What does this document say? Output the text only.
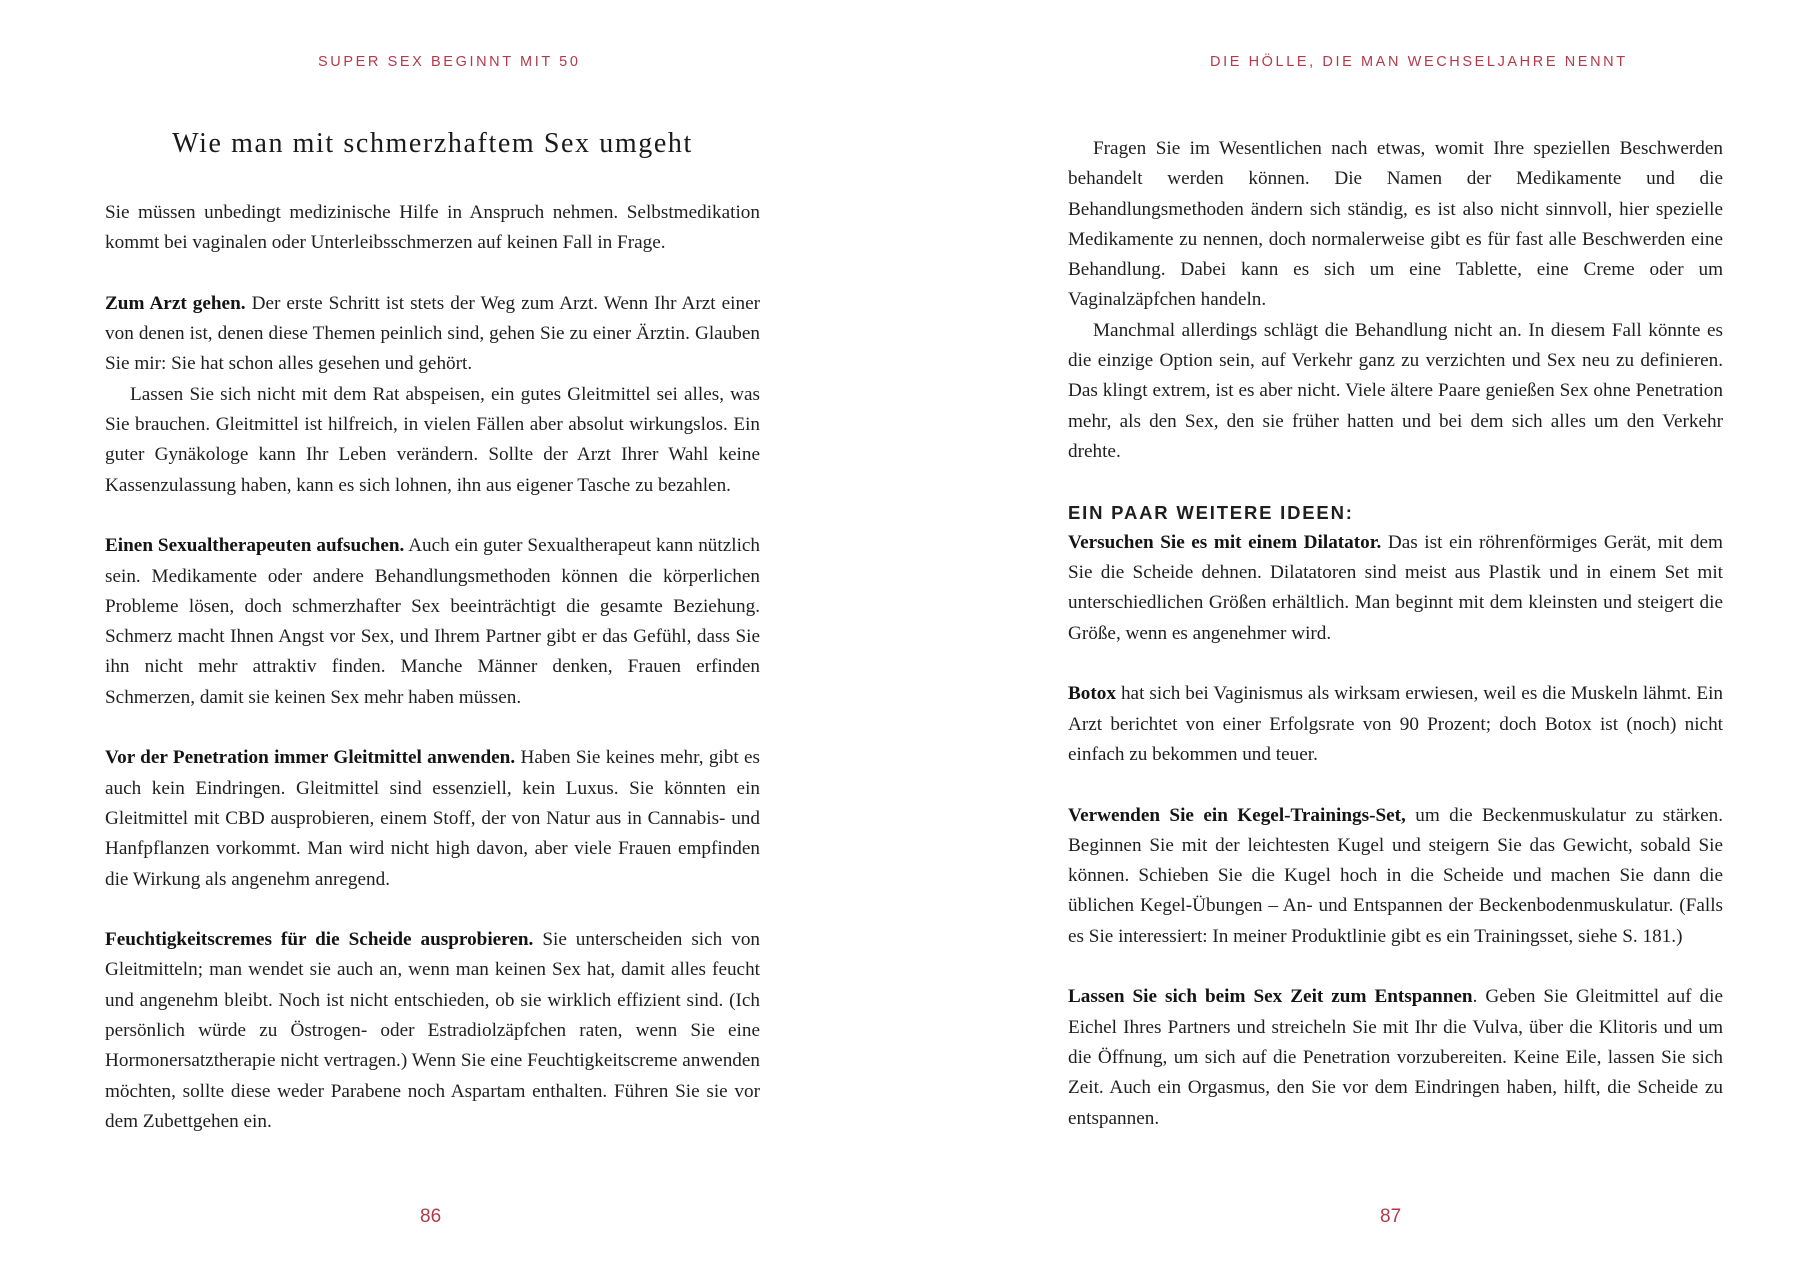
SUPER SEX BEGINNT MIT 50
Wie man mit schmerzhaftem Sex umgeht

Sie müssen unbedingt medizinische Hilfe in Anspruch nehmen. Selbstmedikation kommt bei vaginalen oder Unterleibsschmerzen auf keinen Fall in Frage.

Zum Arzt gehen. Der erste Schritt ist stets der Weg zum Arzt. Wenn Ihr Arzt einer von denen ist, denen diese Themen peinlich sind, gehen Sie zu einer Ärztin. Glauben Sie mir: Sie hat schon alles gesehen und gehört.

Lassen Sie sich nicht mit dem Rat abspeisen, ein gutes Gleitmittel sei alles, was Sie brauchen. Gleitmittel ist hilfreich, in vielen Fällen aber absolut wirkungslos. Ein guter Gynäkologe kann Ihr Leben verändern. Sollte der Arzt Ihrer Wahl keine Kassenzulassung haben, kann es sich lohnen, ihn aus eigener Tasche zu bezahlen.

Einen Sexualtherapeuten aufsuchen. Auch ein guter Sexualtherapeut kann nützlich sein. Medikamente oder andere Behandlungsmethoden können die körperlichen Probleme lösen, doch schmerzhafter Sex beeinträchtigt die gesamte Beziehung. Schmerz macht Ihnen Angst vor Sex, und Ihrem Partner gibt er das Gefühl, dass Sie ihn nicht mehr attraktiv finden. Manche Männer denken, Frauen erfinden Schmerzen, damit sie keinen Sex mehr haben müssen.

Vor der Penetration immer Gleitmittel anwenden. Haben Sie keines mehr, gibt es auch kein Eindringen. Gleitmittel sind essenziell, kein Luxus. Sie könnten ein Gleitmittel mit CBD ausprobieren, einem Stoff, der von Natur aus in Cannabis- und Hanfpflanzen vorkommt. Man wird nicht high davon, aber viele Frauen empfinden die Wirkung als angenehm anregend.

Feuchtigkeitscremes für die Scheide ausprobieren. Sie unterscheiden sich von Gleitmitteln; man wendet sie auch an, wenn man keinen Sex hat, damit alles feucht und angenehm bleibt. Noch ist nicht entschieden, ob sie wirklich effizient sind. (Ich persönlich würde zu Östrogen- oder Estradiolzäpfchen raten, wenn Sie eine Hormonersatztherapie nicht vertragen.) Wenn Sie eine Feuchtigkeitscreme anwenden möchten, sollte diese weder Parabene noch Aspartam enthalten. Führen Sie sie vor dem Zubettgehen ein.

86
DIE HÖLLE, DIE MAN WECHSELJAHRE NENNT

Fragen Sie im Wesentlichen nach etwas, womit Ihre speziellen Beschwerden behandelt werden können. Die Namen der Medikamente und die Behandlungsmethoden ändern sich ständig, es ist also nicht sinnvoll, hier spezielle Medikamente zu nennen, doch normalerweise gibt es für fast alle Beschwerden eine Behandlung. Dabei kann es sich um eine Tablette, eine Creme oder um Vaginalzäpfchen handeln.

Manchmal allerdings schlägt die Behandlung nicht an. In diesem Fall könnte es die einzige Option sein, auf Verkehr ganz zu verzichten und Sex neu zu definieren. Das klingt extrem, ist es aber nicht. Viele ältere Paare genießen Sex ohne Penetration mehr, als den Sex, den sie früher hatten und bei dem sich alles um den Verkehr drehte.

EIN PAAR WEITERE IDEEN:

Versuchen Sie es mit einem Dilatator. Das ist ein röhrenförmiges Gerät, mit dem Sie die Scheide dehnen. Dilatatoren sind meist aus Plastik und in einem Set mit unterschiedlichen Größen erhältlich. Man beginnt mit dem kleinsten und steigert die Größe, wenn es angenehmer wird.

Botox hat sich bei Vaginismus als wirksam erwiesen, weil es die Muskeln lähmt. Ein Arzt berichtet von einer Erfolgsrate von 90 Prozent; doch Botox ist (noch) nicht einfach zu bekommen und teuer.

Verwenden Sie ein Kegel-Trainings-Set, um die Beckenmuskulatur zu stärken. Beginnen Sie mit der leichtesten Kugel und steigern Sie das Gewicht, sobald Sie können. Schieben Sie die Kugel hoch in die Scheide und machen Sie dann die üblichen Kegel-Übungen – An- und Entspannen der Beckenbodenmuskulatur. (Falls es Sie interessiert: In meiner Produktlinie gibt es ein Trainingsset, siehe S. 181.)

Lassen Sie sich beim Sex Zeit zum Entspannen. Geben Sie Gleitmittel auf die Eichel Ihres Partners und streicheln Sie mit Ihr die Vulva, über die Klitoris und um die Öffnung, um sich auf die Penetration vorzubereiten. Keine Eile, lassen Sie sich Zeit. Auch ein Orgasmus, den Sie vor dem Eindringen haben, hilft, die Scheide zu entspannen.

87
